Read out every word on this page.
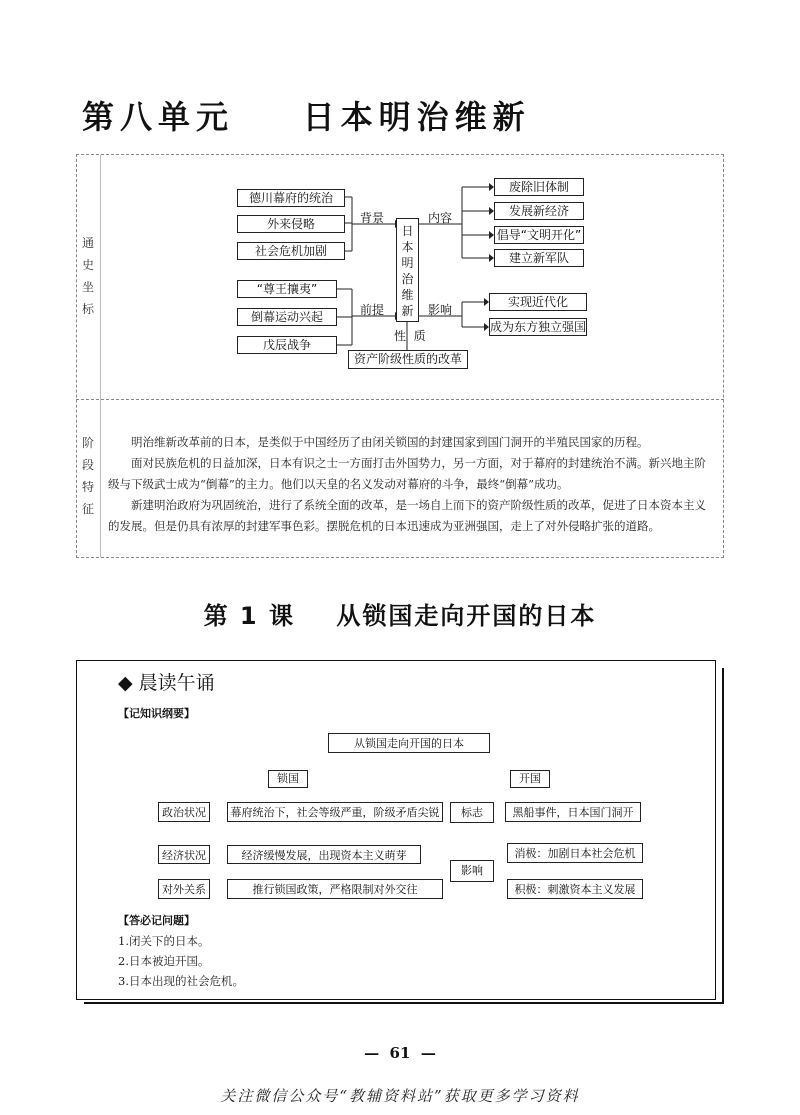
第八单元    日本明治维新
通
史
坐
标
阶
段
特
征
德川幕府的统治
外来侵略
社会危机加剧
“尊王攘夷”
倒幕运动兴起
戊辰战争
背景
前提
内容
影响
性  质
日本明治维新
资产阶级性质的改革
废除旧体制
发展新经济
倡导“文明开化”
建立新军队
实现近代化
成为东方独立强国

明治维新改革前的日本，是类似于中国经历了由闭关锁国的封建国家到国门洞开的半殖民国家的历程。

面对民族危机的日益加深，日本有识之士一方面打击外国势力，另一方面，对于幕府的封建统治不满。新兴地主阶级与下级武士成为“倒幕”的主力。他们以天皇的名义发动对幕府的斗争，最终“倒幕”成功。

新建明治政府为巩固统治，进行了系统全面的改革，是一场自上而下的资产阶级性质的改革，促进了日本资本主义的发展。但是仍具有浓厚的封建军事色彩。摆脱危机的日本迅速成为亚洲强国，走上了对外侵略扩张的道路。

第 1 课    从锁国走向开国的日本
◆ 晨读午诵
【记知识纲要】
从锁国走向开国的日本
锁国	开国
政治状况	幕府统治下，社会等级严重，阶级矛盾尖锐
经济状况	经济缓慢发展，出现资本主义萌芽
对外关系	推行锁国政策，严格限制对外交往
标志	黑船事件，日本国门洞开
影响
消极：加剧日本社会危机
积极：刺激资本主义发展
【答必记问题】
1.闭关下的日本。
2.日本被迫开国。
3.日本出现的社会危机。
—  61  —
关注微信公众号“教辅资料站”获取更多学习资料
